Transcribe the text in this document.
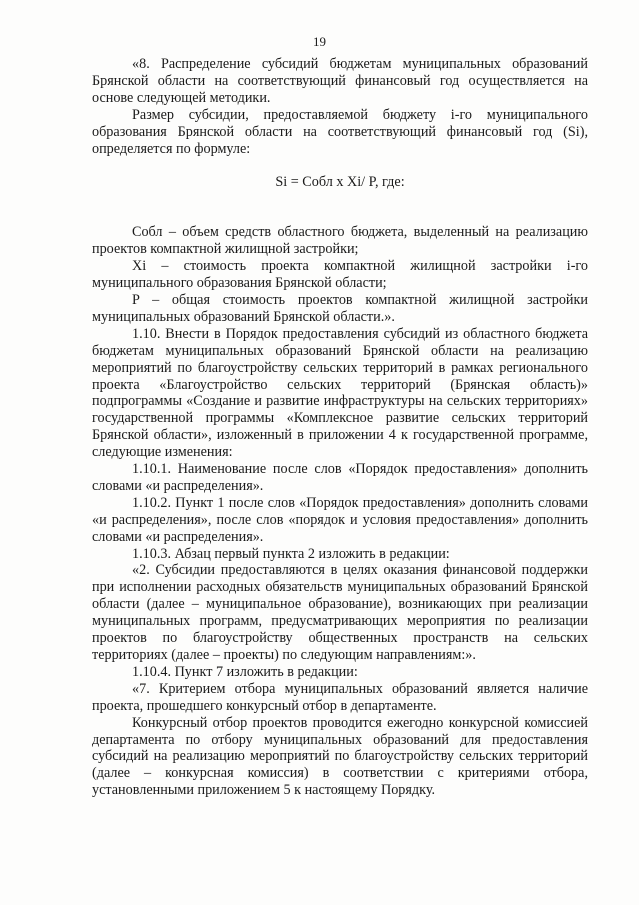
19

«8. Распределение субсидий бюджетам муниципальных образований Брянской области на соответствующий финансовый год осуществляется на основе следующей методики.

Размер субсидии, предоставляемой бюджету i-го муниципального образования Брянской области на соответствующий финансовый год (Si), определяется по формуле:

Si = Собл x Xi/ P, где:

Собл – объем средств областного бюджета, выделенный на реализацию проектов компактной жилищной застройки;

Xi – стоимость проекта компактной жилищной застройки i-го муниципального образования Брянской области;

P – общая стоимость проектов компактной жилищной застройки муниципальных образований Брянской области.».

1.10. Внести в Порядок предоставления субсидий из областного бюджета бюджетам муниципальных образований Брянской области на реализацию мероприятий по благоустройству сельских территорий в рамках регионального проекта «Благоустройство сельских территорий (Брянская область)» подпрограммы «Создание и развитие инфраструктуры на сельских территориях» государственной программы «Комплексное развитие сельских территорий Брянской области», изложенный в приложении 4 к государственной программе, следующие изменения:

1.10.1. Наименование после слов «Порядок предоставления» дополнить словами «и распределения».

1.10.2. Пункт 1 после слов «Порядок предоставления» дополнить словами «и распределения», после слов «порядок и условия предоставления» дополнить словами «и распределения».

1.10.3. Абзац первый пункта 2 изложить в редакции:

«2. Субсидии предоставляются в целях оказания финансовой поддержки при исполнении расходных обязательств муниципальных образований Брянской области (далее – муниципальное образование), возникающих при реализации муниципальных программ, предусматривающих мероприятия по реализации проектов по благоустройству общественных пространств на сельских территориях (далее – проекты) по следующим направлениям:».

1.10.4. Пункт 7 изложить в редакции:

«7. Критерием отбора муниципальных образований является наличие проекта, прошедшего конкурсный отбор в департаменте.

Конкурсный отбор проектов проводится ежегодно конкурсной комиссией департамента по отбору муниципальных образований для предоставления субсидий на реализацию мероприятий по благоустройству сельских территорий (далее – конкурсная комиссия) в соответствии с критериями отбора, установленными приложением 5 к настоящему Порядку.
